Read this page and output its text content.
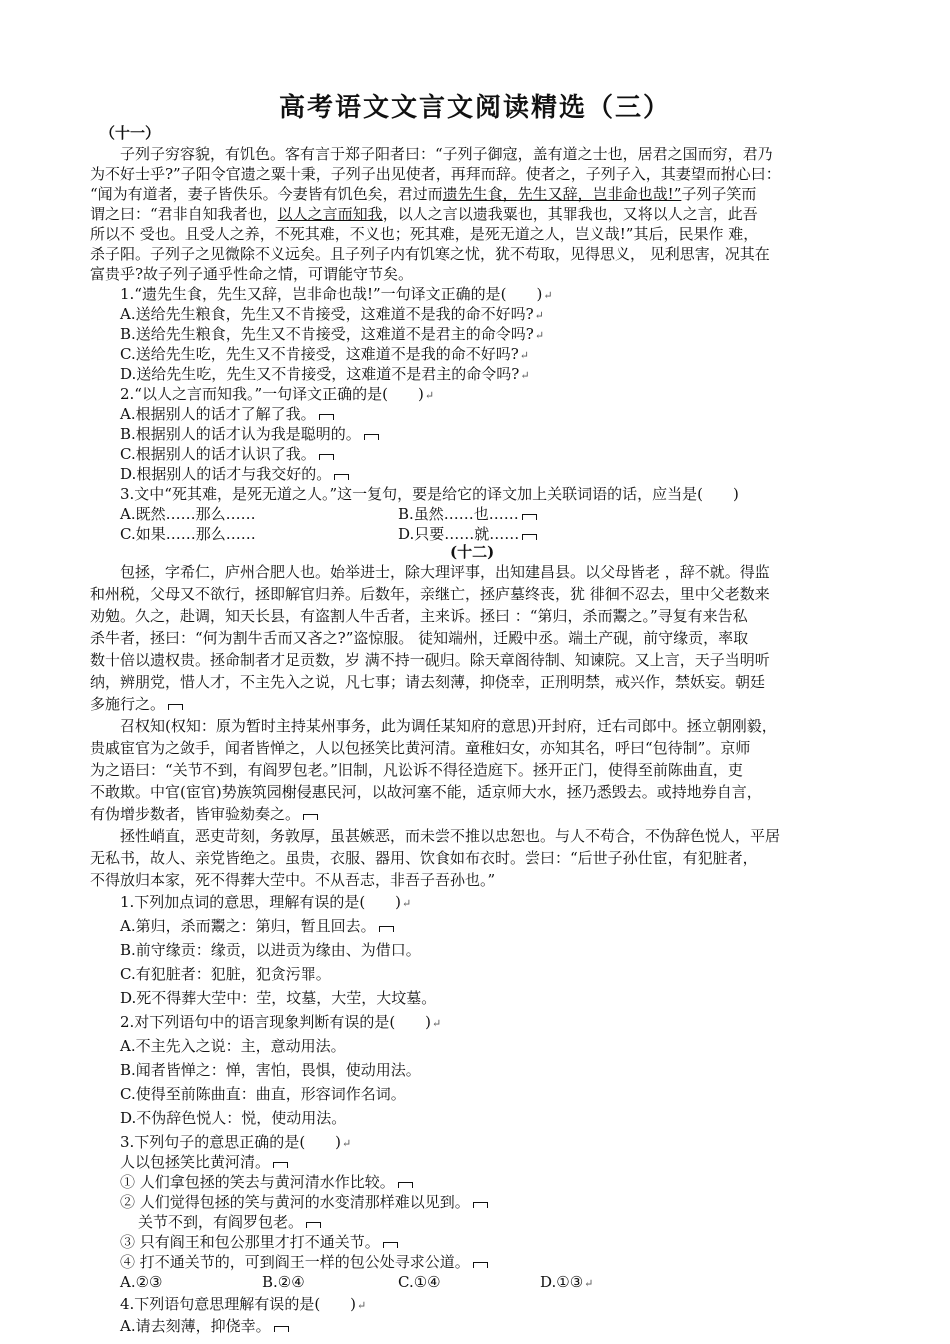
高考语文文言文阅读精选（三）
（十一）
子列子穷容貌，有饥色。客有言于郑子阳者曰：“子列子御寇，盖有道之士也，居君之国而穷，君乃
为不好士乎?”子阳令官遗之粟十秉，子列子出见使者，再拜而辞。使者之，子列子入，其妻望而拊心曰：
“闻为有道者，妻子皆佚乐。今妻皆有饥色矣，君过而遗先生食，先生又辞，岂非命也哉!”子列子笑而
谓之曰：“君非自知我者也，以人之言而知我，以人之言以遗我粟也，其罪我也，又将以人之言，此吾
所以不 受也。且受人之养，不死其难，不义也；死其难，是死无道之人，岂义哉!”其后，民果作 难，
杀子阳。子列子之见微除不义远矣。且子列子内有饥寒之忧，犹不苟取，见得思义， 见利思害，况其在
富贵乎?故子列子通乎性命之情，可谓能守节矣。
1.“遗先生食，先生又辞，岂非命也哉!”一句译文正确的是(　　)↵
A.送给先生粮食，先生又不肯接受，这难道不是我的命不好吗?↵
B.送给先生粮食，先生又不肯接受，这难道不是君主的命令吗?↵
C.送给先生吃，先生又不肯接受，这难道不是我的命不好吗?↵
D.送给先生吃，先生又不肯接受，这难道不是君主的命令吗?↵
2.“以人之言而知我。”一句译文正确的是(　　)↵
A.根据别人的话才了解了我。
B.根据别人的话才认为我是聪明的。
C.根据别人的话才认识了我。
D.根据别人的话才与我交好的。
3.文中“死其难，是死无道之人。”这一复句，要是给它的译文加上关联词语的话，应当是(　　)
A.既然……那么……	B.虽然……也……
C.如果……那么……	D.只要……就……
(十二)
包拯，字希仁，庐州合肥人也。始举进士，除大理评事，出知建昌县。以父母皆老 ，辞不就。得监
和州税，父母又不欲行，拯即解官归养。后数年，亲继亡，拯庐墓终丧，犹 徘徊不忍去，里中父老数来
劝勉。久之，赴调，知天长县，有盗割人牛舌者，主来诉。拯曰 ：“第归，杀而鬻之。”寻复有来告私
杀牛者，拯曰：“何为割牛舌而又吝之?”盗惊服。 徒知端州，迁殿中丞。端土产砚，前守缘贡，率取
数十倍以遗权贵。拯命制者才足贡数，岁 满不持一砚归。除天章阁待制、知谏院。又上言，天子当明听
纳，辨朋党，惜人才，不主先入之说，凡七事；请去刻薄，抑侥幸，正刑明禁，戒兴作，禁妖妄。朝廷
多施行之。
召权知(权知：原为暂时主持某州事务，此为调任某知府的意思)开封府，迁右司郎中。拯立朝刚毅，
贵戚宦官为之敛手，闻者皆惮之，人以包拯笑比黄河清。童稚妇女，亦知其名，呼曰“包待制”。京师
为之语曰：“关节不到，有阎罗包老。”旧制，凡讼诉不得径造庭下。拯开正门，使得至前陈曲直，吏
不敢欺。中官(宦官)势族筑园榭侵惠民河，以故河塞不能，适京师大水，拯乃悉毁去。或持地券自言，
有伪增步数者，皆审验劾奏之。
拯性峭直，恶吏苛刻，务敦厚，虽甚嫉恶，而未尝不推以忠恕也。与人不苟合，不伪辞色悦人，平居
无私书，故人、亲党皆绝之。虽贵，衣服、器用、饮食如布衣时。尝曰：“后世子孙仕宦，有犯脏者，
不得放归本家，死不得葬大茔中。不从吾志，非吾子吾孙也。”
1.下列加点词的意思，理解有误的是(　　)↵
A.第归，杀而鬻之：第归，暂且回去。
B.前守缘贡：缘贡，以进贡为缘由、为借口。
C.有犯脏者：犯脏，犯贪污罪。
D.死不得葬大茔中：茔，坟墓，大茔，大坟墓。
2.对下列语句中的语言现象判断有误的是(　　)↵
A.不主先入之说：主，意动用法。
B.闻者皆惮之：惮，害怕，畏惧，使动用法。
C.使得至前陈曲直：曲直，形容词作名词。
D.不伪辞色悦人：悦，使动用法。
3.下列句子的意思正确的是(　　)↵
人以包拯笑比黄河清。
① 人们拿包拯的笑去与黄河清水作比较。
② 人们觉得包拯的笑与黄河的水变清那样难以见到。
关节不到，有阎罗包老。
③ 只有阎王和包公那里才打不通关节。
④ 打不通关节的，可到阎王一样的包公处寻求公道。
A.②③	B.②④	C.①④	D.①③↵
4.下列语句意思理解有误的是(　　)↵
A.请去刻薄，抑侥幸。
